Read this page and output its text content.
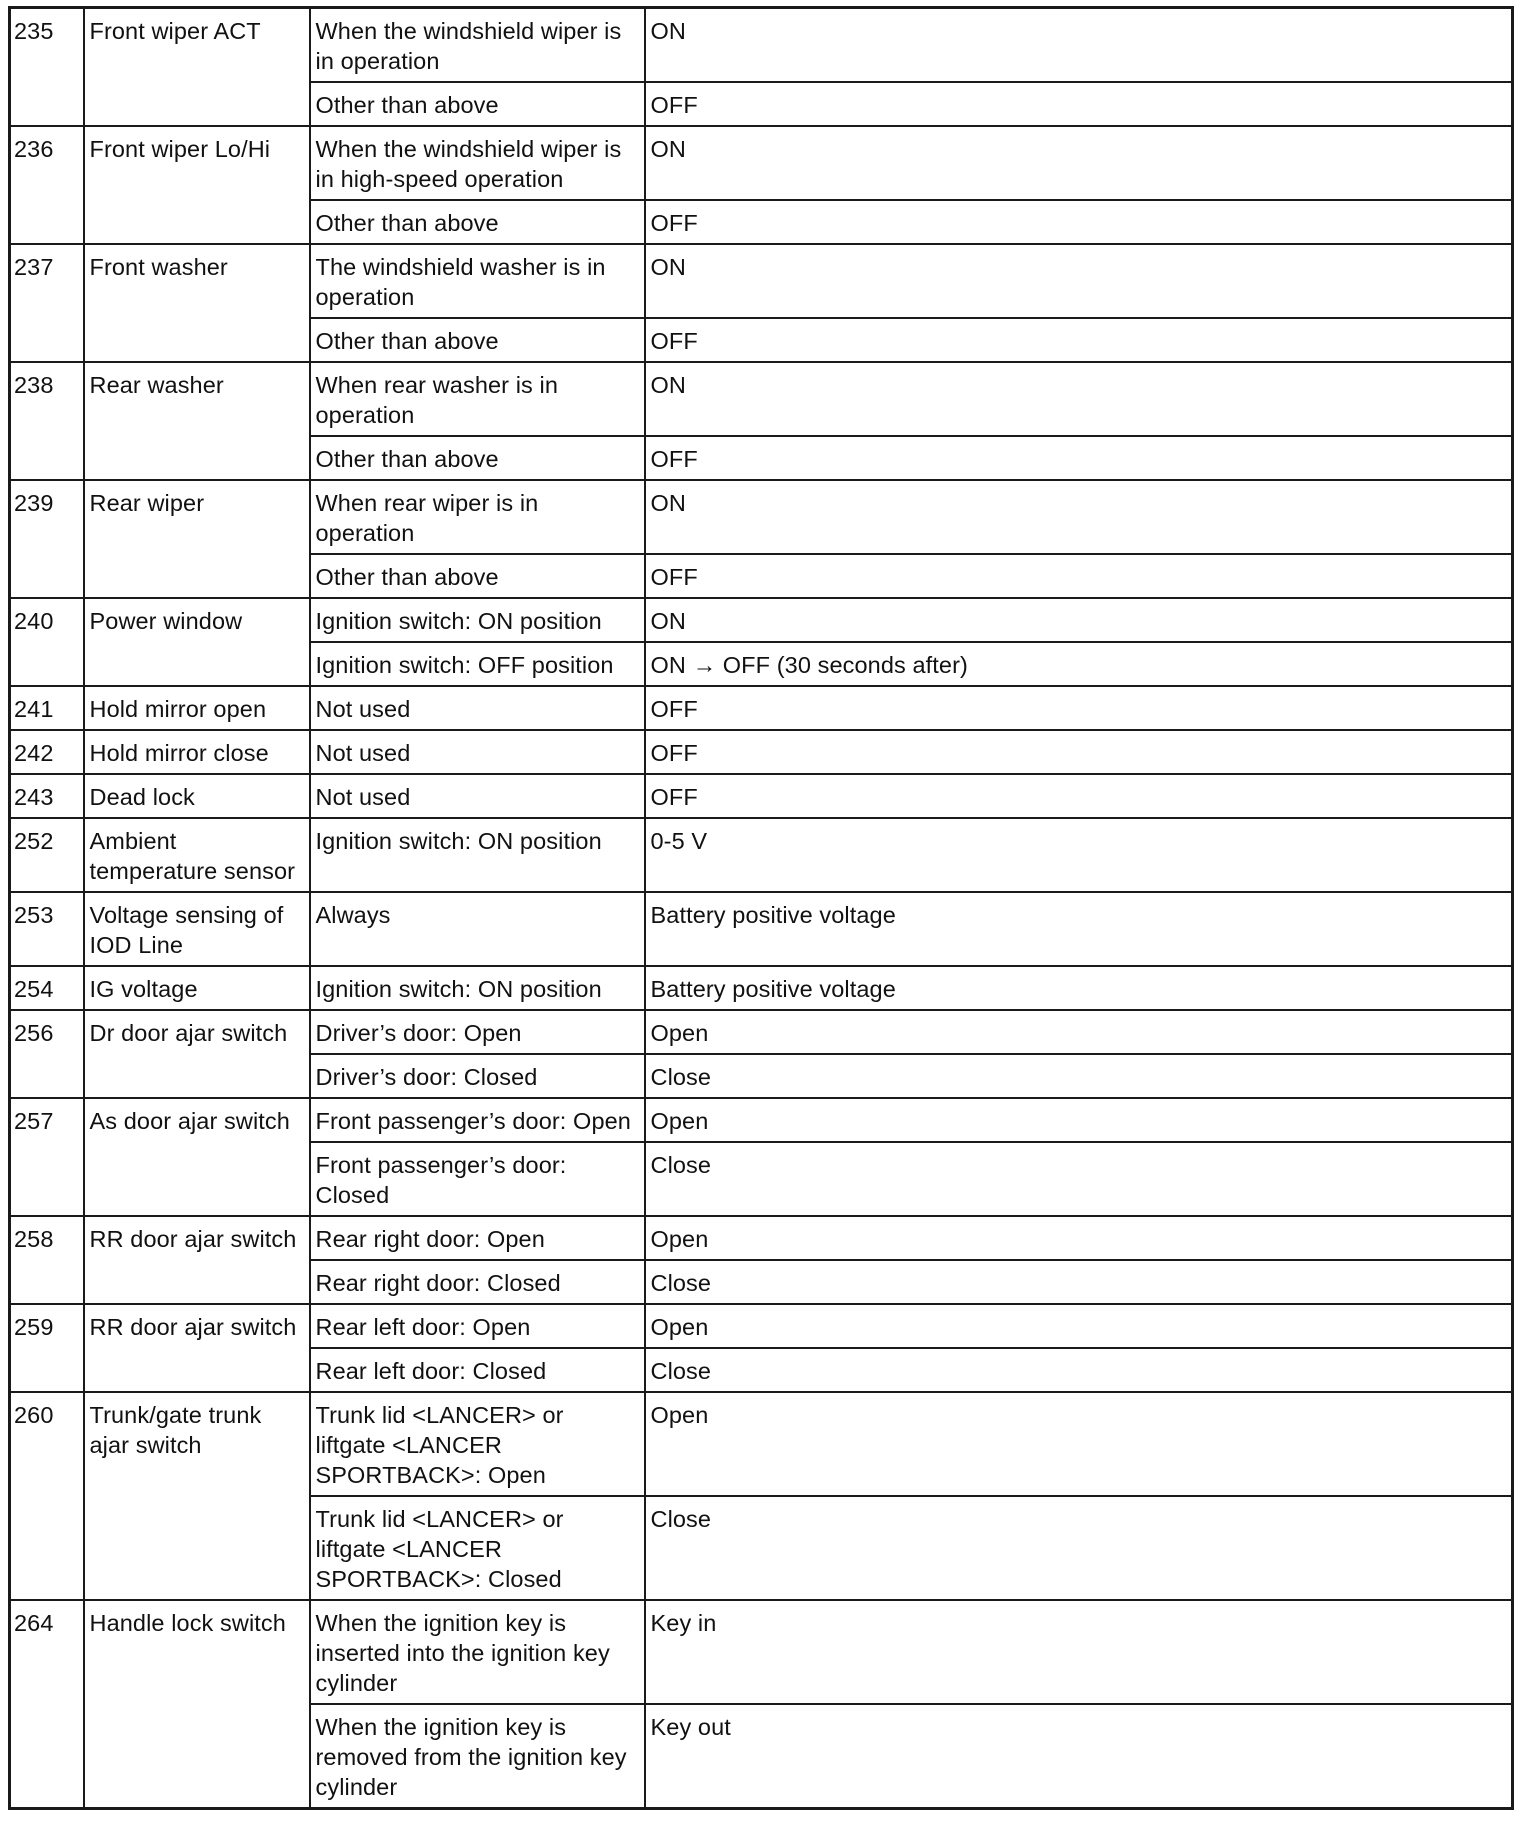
235	Front wiper ACT	When the windshield wiper is in operation	ON
		Other than above	OFF
236	Front wiper Lo/Hi	When the windshield wiper is in high-speed operation	ON
		Other than above	OFF
237	Front washer	The windshield washer is in operation	ON
		Other than above	OFF
238	Rear washer	When rear washer is in operation	ON
		Other than above	OFF
239	Rear wiper	When rear wiper is in operation	ON
		Other than above	OFF
240	Power window	Ignition switch: ON position	ON
		Ignition switch: OFF position	ON → OFF (30 seconds after)
241	Hold mirror open	Not used	OFF
242	Hold mirror close	Not used	OFF
243	Dead lock	Not used	OFF
252	Ambient temperature sensor	Ignition switch: ON position	0-5 V
253	Voltage sensing of IOD Line	Always	Battery positive voltage
254	IG voltage	Ignition switch: ON position	Battery positive voltage
256	Dr door ajar switch	Driver’s door: Open	Open
		Driver’s door: Closed	Close
257	As door ajar switch	Front passenger’s door: Open	Open
		Front passenger’s door: Closed	Close
258	RR door ajar switch	Rear right door: Open	Open
		Rear right door: Closed	Close
259	RR door ajar switch	Rear left door: Open	Open
		Rear left door: Closed	Close
260	Trunk/gate trunk ajar switch	Trunk lid <LANCER> or liftgate <LANCER SPORTBACK>: Open	Open
		Trunk lid <LANCER> or liftgate <LANCER SPORTBACK>: Closed	Close
264	Handle lock switch	When the ignition key is inserted into the ignition key cylinder	Key in
		When the ignition key is removed from the ignition key cylinder	Key out
